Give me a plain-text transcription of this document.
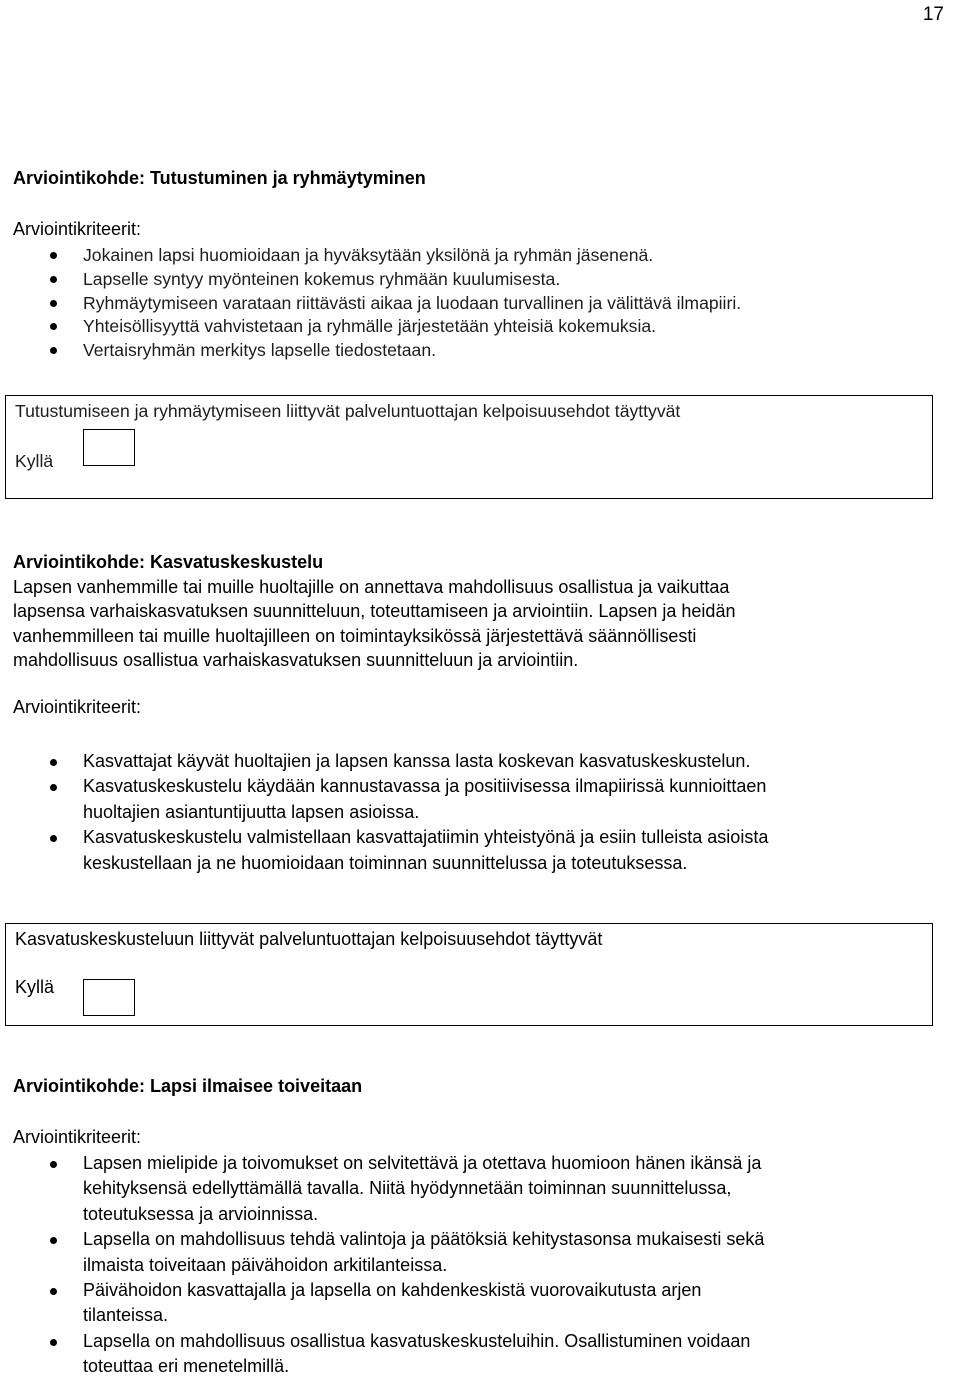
17
Arviointikohde: Tutustuminen ja ryhmäytyminen
Arviointikriteerit:
Jokainen lapsi huomioidaan ja hyväksytään yksilönä ja ryhmän jäsenenä.
Lapselle syntyy myönteinen kokemus ryhmään kuulumisesta.
Ryhmäytymiseen varataan riittävästi aikaa ja luodaan turvallinen ja välittävä ilmapiiri.
Yhteisöllisyyttä vahvistetaan ja ryhmälle järjestetään yhteisiä kokemuksia.
Vertaisryhmän merkitys lapselle tiedostetaan.
Tutustumiseen ja ryhmäytymiseen liittyvät palveluntuottajan kelpoisuusehdot täyttyvät
Kyllä
Arviointikohde: Kasvatuskeskustelu
Lapsen vanhemmille tai muille huoltajille on annettava mahdollisuus osallistua ja vaikuttaa
lapsensa varhaiskasvatuksen suunnitteluun, toteuttamiseen ja arviointiin. Lapsen ja heidän
vanhemmilleen tai muille huoltajilleen on toimintayksikössä järjestettävä säännöllisesti
mahdollisuus osallistua varhaiskasvatuksen suunnitteluun ja arviointiin.
Arviointikriteerit:
Kasvattajat käyvät huoltajien ja lapsen kanssa lasta koskevan kasvatuskeskustelun.
Kasvatuskeskustelu käydään kannustavassa ja positiivisessa ilmapiirissä kunnioittaen
huoltajien asiantuntijuutta lapsen asioissa.
Kasvatuskeskustelu valmistellaan kasvattajatiimin yhteistyönä ja esiin tulleista asioista
keskustellaan ja ne huomioidaan toiminnan suunnittelussa ja toteutuksessa.
Kasvatuskeskusteluun liittyvät palveluntuottajan kelpoisuusehdot täyttyvät
Kyllä
Arviointikohde: Lapsi ilmaisee toiveitaan
Arviointikriteerit:
Lapsen mielipide ja toivomukset on selvitettävä ja otettava huomioon hänen ikänsä ja
kehityksensä edellyttämällä tavalla. Niitä hyödynnetään toiminnan suunnittelussa,
toteutuksessa ja arvioinnissa.
Lapsella on mahdollisuus tehdä valintoja ja päätöksiä kehitystasonsa mukaisesti sekä
ilmaista toiveitaan päivähoidon arkitilanteissa.
Päivähoidon kasvattajalla ja lapsella on kahdenkeskistä vuorovaikutusta arjen
tilanteissa.
Lapsella on mahdollisuus osallistua kasvatuskeskusteluihin. Osallistuminen voidaan
toteuttaa eri menetelmillä.
